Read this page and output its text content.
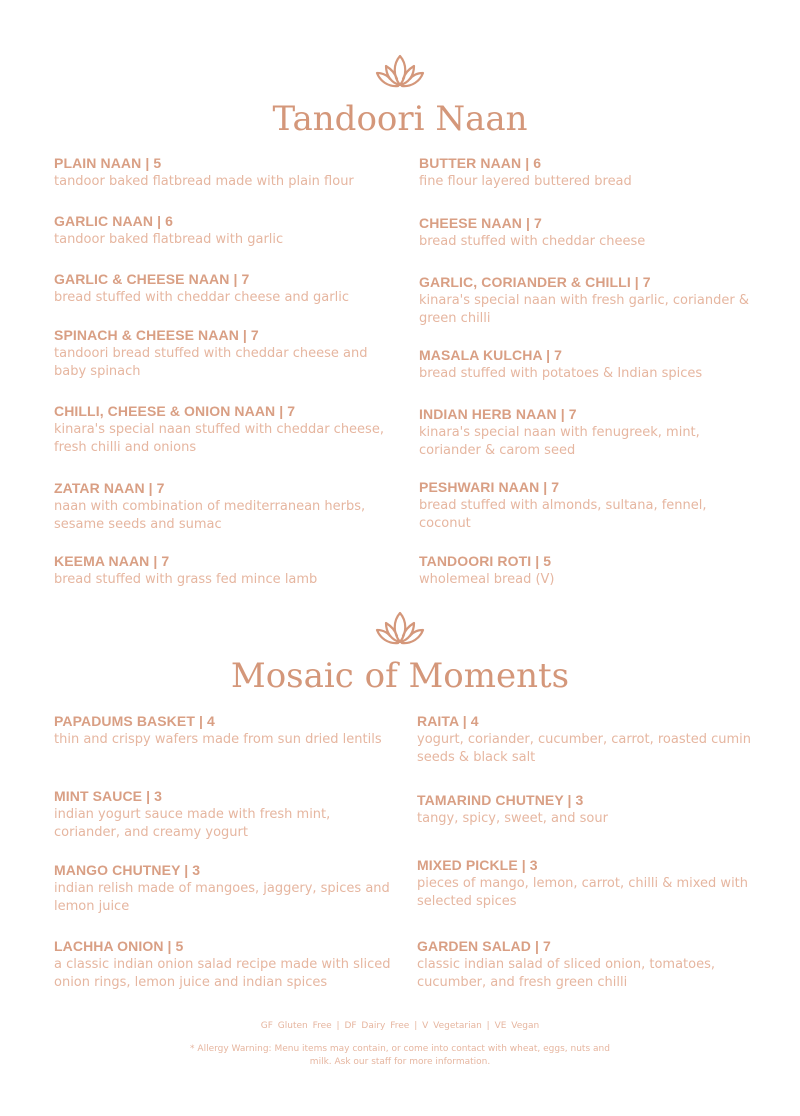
Tandoori Naan
PLAIN NAAN | 5
tandoor baked flatbread made with plain flour
GARLIC NAAN | 6
tandoor baked flatbread with garlic
GARLIC & CHEESE NAAN | 7
bread stuffed with cheddar cheese and garlic
SPINACH & CHEESE NAAN | 7
tandoori bread stuffed with cheddar cheese and baby spinach
CHILLI, CHEESE & ONION NAAN | 7
kinara's special naan stuffed with cheddar cheese, fresh chilli and onions
ZATAR NAAN | 7
naan with combination of mediterranean herbs, sesame seeds and sumac
KEEMA NAAN | 7
bread stuffed with grass fed mince lamb
BUTTER NAAN | 6
fine flour layered buttered bread
CHEESE NAAN | 7
bread stuffed with cheddar cheese
GARLIC, CORIANDER & CHILLI | 7
kinara's special naan with fresh garlic, coriander & green chilli
MASALA KULCHA | 7
bread stuffed with potatoes & Indian spices
INDIAN HERB NAAN | 7
kinara's special naan with fenugreek, mint, coriander & carom seed
PESHWARI NAAN | 7
bread stuffed with almonds, sultana, fennel, coconut
TANDOORI ROTI | 5
wholemeal bread (V)
Mosaic of Moments
PAPADUMS BASKET | 4
thin and crispy wafers made from sun dried lentils
MINT SAUCE | 3
indian yogurt sauce made with fresh mint, coriander, and creamy yogurt
MANGO CHUTNEY | 3
indian relish made of mangoes, jaggery, spices and lemon juice
LACHHA ONION | 5
a classic indian onion salad recipe made with sliced onion rings, lemon juice and indian spices
RAITA | 4
yogurt, coriander, cucumber, carrot, roasted cumin seeds & black salt
TAMARIND CHUTNEY | 3
tangy, spicy, sweet, and sour
MIXED PICKLE | 3
pieces of mango, lemon, carrot, chilli & mixed with selected spices
GARDEN SALAD | 7
classic indian salad of sliced onion, tomatoes, cucumber, and fresh green chilli
GF Gluten Free | DF Dairy Free | V Vegetarian | VE Vegan
* Allergy Warning: Menu items may contain, or come into contact with wheat, eggs, nuts and milk. Ask our staff for more information.
